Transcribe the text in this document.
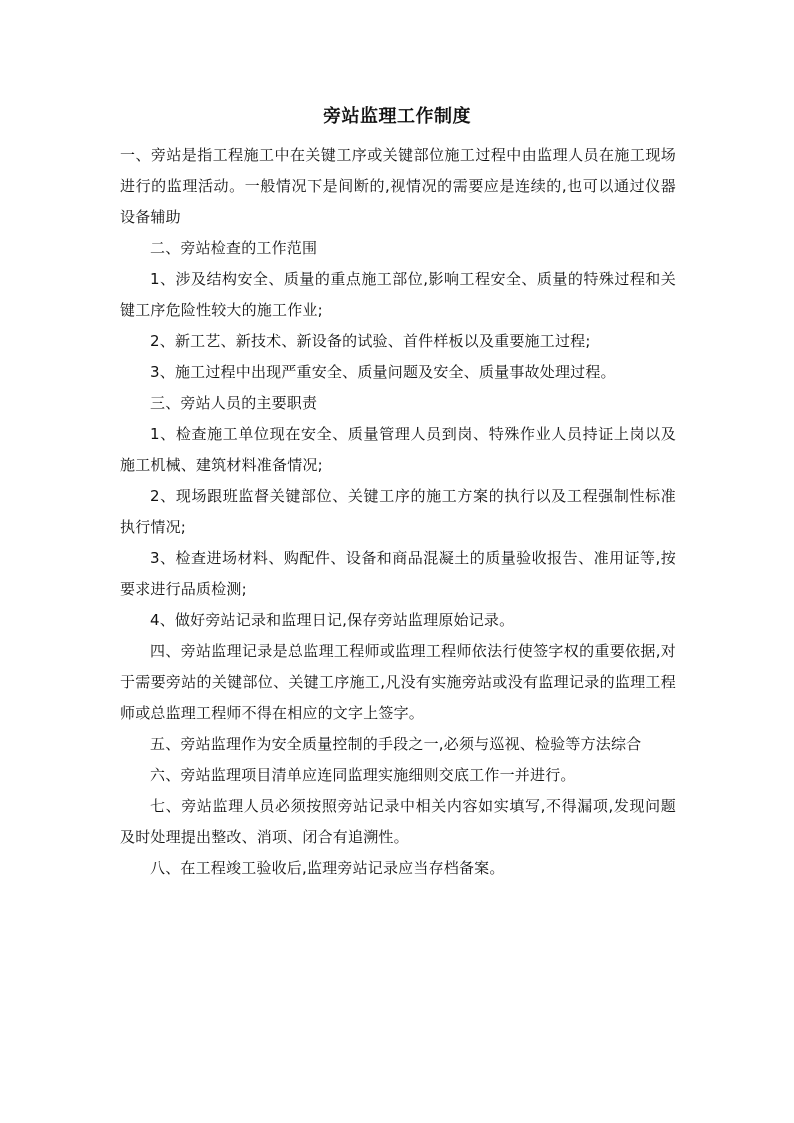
旁站监理工作制度

一、旁站是指工程施工中在关键工序或关键部位施工过程中由监理人员在施工现场进行的监理活动。一般情况下是间断的,视情况的需要应是连续的,也可以通过仪器设备辅助

二、旁站检查的工作范围

1、涉及结构安全、质量的重点施工部位,影响工程安全、质量的特殊过程和关键工序危险性较大的施工作业;

2、新工艺、新技术、新设备的试验、首件样板以及重要施工过程;

3、施工过程中出现严重安全、质量问题及安全、质量事故处理过程。

三、旁站人员的主要职责

1、检查施工单位现在安全、质量管理人员到岗、特殊作业人员持证上岗以及施工机械、建筑材料准备情况;

2、现场跟班监督关键部位、关键工序的施工方案的执行以及工程强制性标准执行情况;

3、检查进场材料、购配件、设备和商品混凝土的质量验收报告、准用证等,按要求进行品质检测;

4、做好旁站记录和监理日记,保存旁站监理原始记录。

四、旁站监理记录是总监理工程师或监理工程师依法行使签字权的重要依据,对于需要旁站的关键部位、关键工序施工,凡没有实施旁站或没有监理记录的监理工程师或总监理工程师不得在相应的文字上签字。

五、旁站监理作为安全质量控制的手段之一,必须与巡视、检验等方法综合

六、旁站监理项目清单应连同监理实施细则交底工作一并进行。

七、旁站监理人员必须按照旁站记录中相关内容如实填写,不得漏项,发现问题及时处理提出整改、消项、闭合有追溯性。

八、在工程竣工验收后,监理旁站记录应当存档备案。
